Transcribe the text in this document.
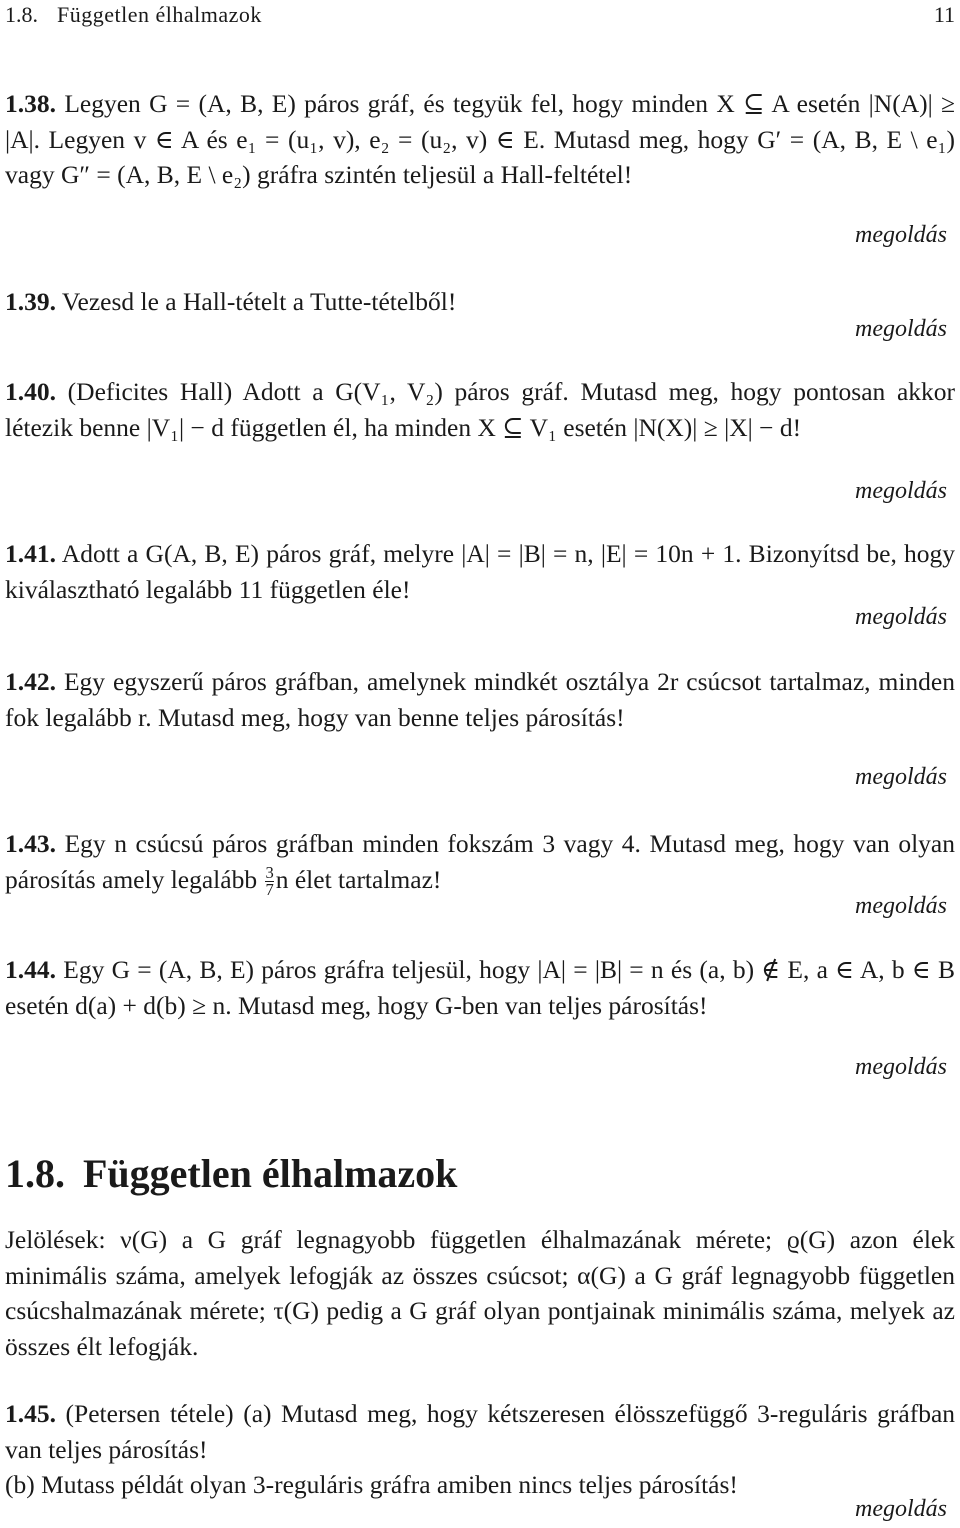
1.8. Független élhalmazok	11

1.38. Legyen G = (A, B, E) páros gráf, és tegyük fel, hogy minden X ⊆ A esetén |N(A)| ≥ |A|. Legyen v ∈ A és e₁ = (u₁, v), e₂ = (u₂, v) ∈ E. Mutasd meg, hogy G′ = (A, B, E \ e₁) vagy G″ = (A, B, E \ e₂) gráfra szintén teljesül a Hall-feltétel!

megoldás

1.39. Vezesd le a Hall-tételt a Tutte-tételből!

megoldás

1.40. (Deficites Hall) Adott a G(V₁, V₂) páros gráf. Mutasd meg, hogy pontosan akkor létezik benne |V₁| − d független él, ha minden X ⊆ V₁ esetén |N(X)| ≥ |X| − d!

megoldás

1.41. Adott a G(A, B, E) páros gráf, melyre |A| = |B| = n, |E| = 10n + 1. Bizonyítsd be, hogy kiválasztható legalább 11 független éle!

megoldás

1.42. Egy egyszerű páros gráfban, amelynek mindkét osztálya 2r csúcsot tartalmaz, minden fok legalább r. Mutasd meg, hogy van benne teljes párosítás!

megoldás

1.43. Egy n csúcsú páros gráfban minden fokszám 3 vagy 4. Mutasd meg, hogy van olyan párosítás amely legalább $\frac{3}{7}$ n élet tartalmaz!

megoldás

1.44. Egy G = (A, B, E) páros gráfra teljesül, hogy |A| = |B| = n és (a, b) ∉ E, a ∈ A, b ∈ B esetén d(a) + d(b) ≥ n. Mutasd meg, hogy G-ben van teljes párosítás!

megoldás
1.8. Független élhalmazok

Jelölések: ν(G) a G gráf legnagyobb független élhalmazának mérete; ϱ(G) azon élek minimális száma, amelyek lefogják az összes csúcsot; α(G) a G gráf legnagyobb független csúcshalmazának mérete; τ(G) pedig a G gráf olyan pontjainak minimális száma, melyek az összes élt lefogják.

1.45. (Petersen tétele) (a) Mutasd meg, hogy kétszeresen élösszefüggő 3-reguláris gráfban van teljes párosítás!

(b) Mutass példát olyan 3-reguláris gráfra amiben nincs teljes párosítás!

megoldás
